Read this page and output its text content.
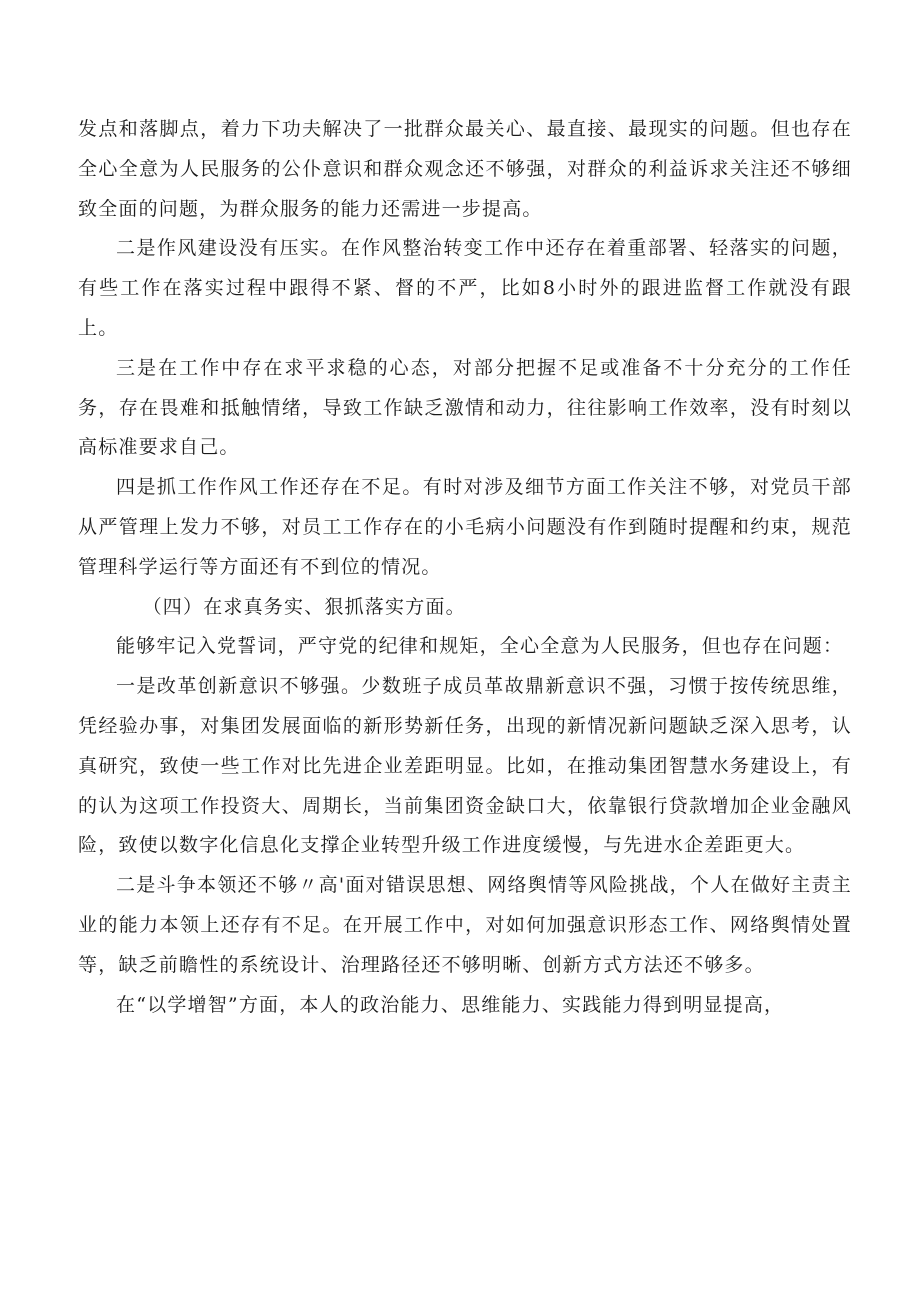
发点和落脚点，着力下功夫解决了一批群众最关心、最直接、最现实的问题。但也存在全心全意为人民服务的公仆意识和群众观念还不够强，对群众的利益诉求关注还不够细致全面的问题，为群众服务的能力还需进一步提高。

二是作风建设没有压实。在作风整治转变工作中还存在着重部署、轻落实的问题，有些工作在落实过程中跟得不紧、督的不严，比如8小时外的跟进监督工作就没有跟上。

三是在工作中存在求平求稳的心态，对部分把握不足或准备不十分充分的工作任务，存在畏难和抵触情绪，导致工作缺乏激情和动力，往往影响工作效率，没有时刻以高标准要求自己。

四是抓工作作风工作还存在不足。有时对涉及细节方面工作关注不够，对党员干部从严管理上发力不够，对员工工作存在的小毛病小问题没有作到随时提醒和约束，规范管理科学运行等方面还有不到位的情况。

（四）在求真务实、狠抓落实方面。

能够牢记入党誓词，严守党的纪律和规矩，全心全意为人民服务，但也存在问题：

一是改革创新意识不够强。少数班子成员革故鼎新意识不强，习惯于按传统思维，凭经验办事，对集团发展面临的新形势新任务，出现的新情况新问题缺乏深入思考，认真研究，致使一些工作对比先进企业差距明显。比如，在推动集团智慧水务建设上，有的认为这项工作投资大、周期长，当前集团资金缺口大，依靠银行贷款增加企业金融风险，致使以数字化信息化支撑企业转型升级工作进度缓慢，与先进水企差距更大。

二是斗争本领还不够〃高'面对错误思想、网络舆情等风险挑战，个人在做好主责主业的能力本领上还存有不足。在开展工作中，对如何加强意识形态工作、网络舆情处置等，缺乏前瞻性的系统设计、治理路径还不够明晰、创新方式方法还不够多。

在“以学增智”方面，本人的政治能力、思维能力、实践能力得到明显提高，
